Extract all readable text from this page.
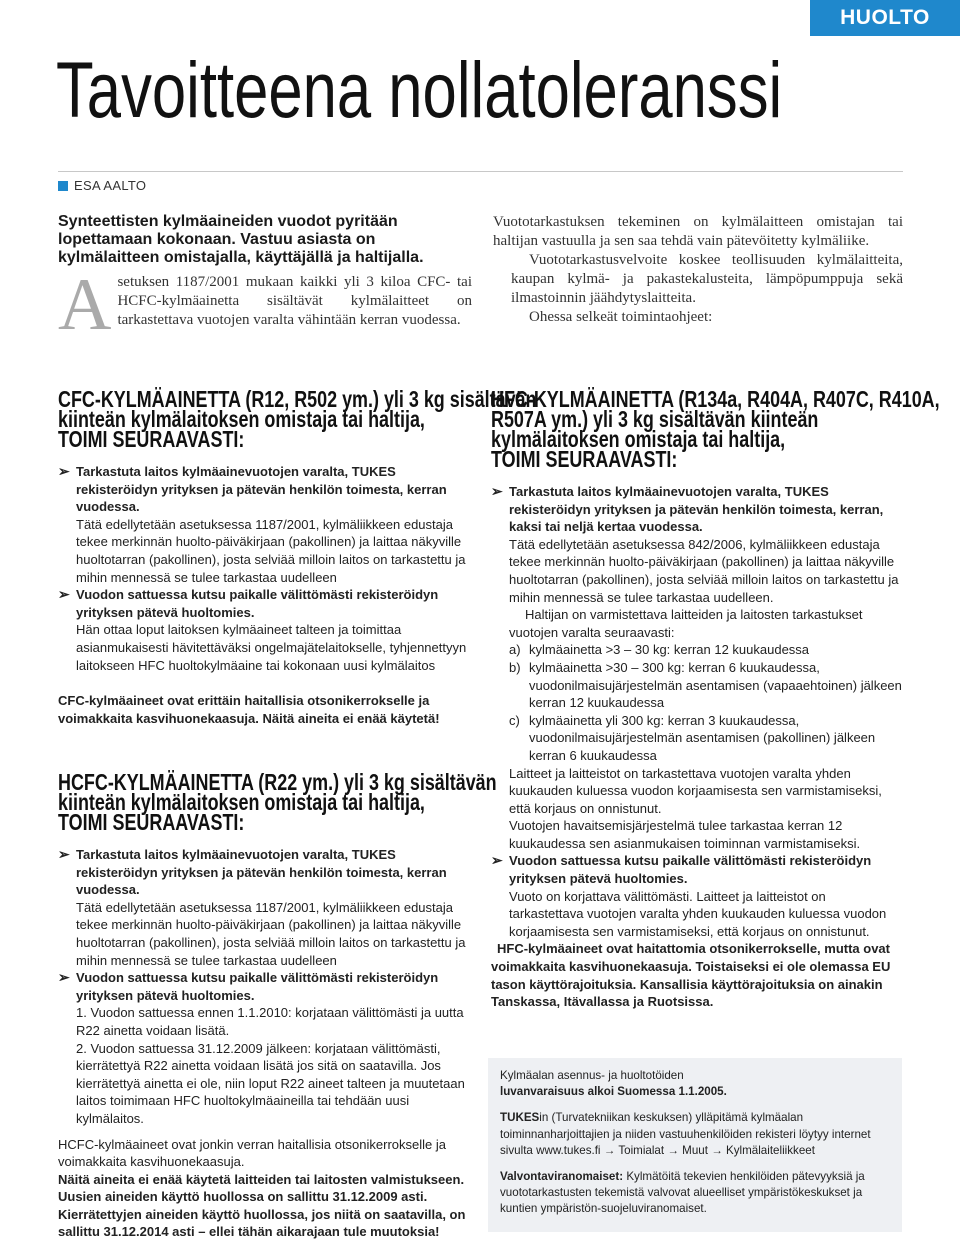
HUOLTO
Tavoitteena nollatoleranssi
ESA AALTO
Synteettisten kylmäaineiden vuodot pyritään lopettamaan kokonaan. Vastuu asiasta on kylmälaitteen omistajalla, käyttäjällä ja haltijalla.
A setuksen 1187/2001 mukaan kaikki yli 3 kiloa CFC- tai HCFC-kylmäainetta sisältävät kylmälaitteet on tarkastettava vuotojen varalta vähintään kerran vuodessa.

Vuototarkastuksen tekeminen on kylmälaitteen omistajan tai haltijan vastuulla ja sen saa tehdä vain pätevöitetty kylmäliike.

Vuototarkastusvelvoite koskee teollisuuden kylmälaitteita, kaupan kylmä- ja pakastekalusteita, lämpöpumppuja sekä ilmastoinnin jäähdytyslaitteita.

Ohessa selkeät toimintaohjeet:

CFC-KYLMÄAINETTA (R12, R502 ym.) yli 3 kg sisältävän
kiinteän kylmälaitoksen omistaja tai haltija,
TOIMI SEURAAVASTI:

➢ Tarkastuta laitos kylmäainevuotojen varalta, TUKES rekisteröidyn yrityksen ja pätevän henkilön toimesta, kerran vuodessa.

Tätä edellytetään asetuksessa 1187/2001, kylmäliikkeen edustaja tekee merkinnän huolto-päiväkirjaan (pakollinen) ja laittaa näkyville huoltotarran (pakollinen), josta selviää milloin laitos on tarkastettu ja mihin mennessä se tulee tarkastaa uudelleen

➢ Vuodon sattuessa kutsu paikalle välittömästi rekisteröidyn yrityksen pätevä huoltomies.

Hän ottaa loput laitoksen kylmäaineet talteen ja toimittaa asianmukaisesti hävitettäväksi ongelmajätelaitokselle, tyhjennettyyn laitokseen HFC huoltokylmäaine tai kokonaan uusi kylmälaitos

CFC-kylmäaineet ovat erittäin haitallisia otsonikerrokselle ja voimakkaita kasvihuonekaasuja. Näitä aineita ei enää käytetä!

HCFC-KYLMÄAINETTA (R22 ym.) yli 3 kg sisältävän
kiinteän kylmälaitoksen omistaja tai haltija,
TOIMI SEURAAVASTI:

➢ Tarkastuta laitos kylmäainevuotojen varalta, TUKES rekisteröidyn yrityksen ja pätevän henkilön toimesta, kerran vuodessa.

Tätä edellytetään asetuksessa 1187/2001, kylmäliikkeen edustaja tekee merkinnän huolto-päiväkirjaan (pakollinen) ja laittaa näkyville huoltotarran (pakollinen), josta selviää milloin laitos on tarkastettu ja mihin mennessä se tulee tarkastaa uudelleen

➢ Vuodon sattuessa kutsu paikalle välittömästi rekisteröidyn yrityksen pätevä huoltomies.

1. Vuodon sattuessa ennen 1.1.2010: korjataan välittömästi ja uutta R22 ainetta voidaan lisätä.

2. Vuodon sattuessa 31.12.2009 jälkeen: korjataan välittömästi, kierrätettyä R22 ainetta voidaan lisätä jos sitä on saatavilla. Jos kierrätettyä ainetta ei ole, niin loput R22 aineet talteen ja muutetaan laitos toimimaan HFC huoltokylmäaineilla tai tehdään uusi kylmälaitos.

HCFC-kylmäaineet ovat jonkin verran haitallisia otsonikerrokselle ja voimakkaita kasvihuonekaasuja.

Näitä aineita ei enää käytetä laitteiden tai laitosten valmistukseen. Uusien aineiden käyttö huollossa on sallittu 31.12.2009 asti. Kierrätettyjen aineiden käyttö huollossa, jos niitä on saatavilla, on sallittu 31.12.2014 asti – ellei tähän aikarajaan tule muutoksia!

HFC-KYLMÄAINETTA (R134a, R404A, R407C, R410A,
R507A ym.) yli 3 kg sisältävän kiinteän
kylmälaitoksen omistaja tai haltija,
TOIMI SEURAAVASTI:

➢ Tarkastuta laitos kylmäainevuotojen varalta, TUKES rekisteröidyn yrityksen ja pätevän henkilön toimesta, kerran, kaksi tai neljä kertaa vuodessa.

Tätä edellytetään asetuksessa 842/2006, kylmäliikkeen edustaja tekee merkinnän huolto-päiväkirjaan (pakollinen) ja laittaa näkyville huoltotarran (pakollinen), josta selviää milloin laitos on tarkastettu ja mihin mennessä se tulee tarkastaa uudelleen.

Haltijan on varmistettava laitteiden ja laitosten tarkastukset vuotojen varalta seuraavasti:

a) kylmäainetta >3 – 30 kg: kerran 12 kuukaudessa

b) kylmäainetta >30 – 300 kg: kerran 6 kuukaudessa, vuodonilmaisujärjestelmän asentamisen (vapaaehtoinen) jälkeen kerran 12 kuukaudessa

c) kylmäainetta yli 300 kg: kerran 3 kuukaudessa, vuodonilmaisujärjestelmän asentamisen (pakollinen) jälkeen kerran 6 kuukaudessa

Laitteet ja laitteistot on tarkastettava vuotojen varalta yhden kuukauden kuluessa vuodon korjaamisesta sen varmistamiseksi, että korjaus on onnistunut.

Vuotojen havaitsemisjärjestelmä tulee tarkastaa kerran 12 kuukaudessa sen asianmukaisen toiminnan varmistamiseksi.

➢ Vuodon sattuessa kutsu paikalle välittömästi rekisteröidyn yrityksen pätevä huoltomies.

Vuoto on korjattava välittömästi. Laitteet ja laitteistot on tarkastettava vuotojen varalta yhden kuukauden kuluessa vuodon korjaamisesta sen varmistamiseksi, että korjaus on onnistunut.

HFC-kylmäaineet ovat haitattomia otsonikerrokselle, mutta ovat voimakkaita kasvihuonekaasuja. Toistaiseksi ei ole olemassa EU tason käyttörajoituksia. Kansallisia käyttörajoituksia on ainakin Tanskassa, Itävallassa ja Ruotsissa.

Kylmäalan asennus- ja huoltotöiden

luvanvaraisuus alkoi Suomessa 1.1.2005.

TUKESin (Turvatekniikan keskuksen) ylläpitämä kylmäalan toiminnanharjoittajien ja niiden vastuuhenkilöiden rekisteri löytyy internet sivulta www.tukes.fi → Toimialat → Muut → Kylmälaiteliikkeet

Valvontaviranomaiset: Kylmätöitä tekevien henkilöiden pätevyyksiä ja vuototarkastusten tekemistä valvovat alueelliset ympäristökeskukset ja kuntien ympäristön-suojeluviranomaiset.
